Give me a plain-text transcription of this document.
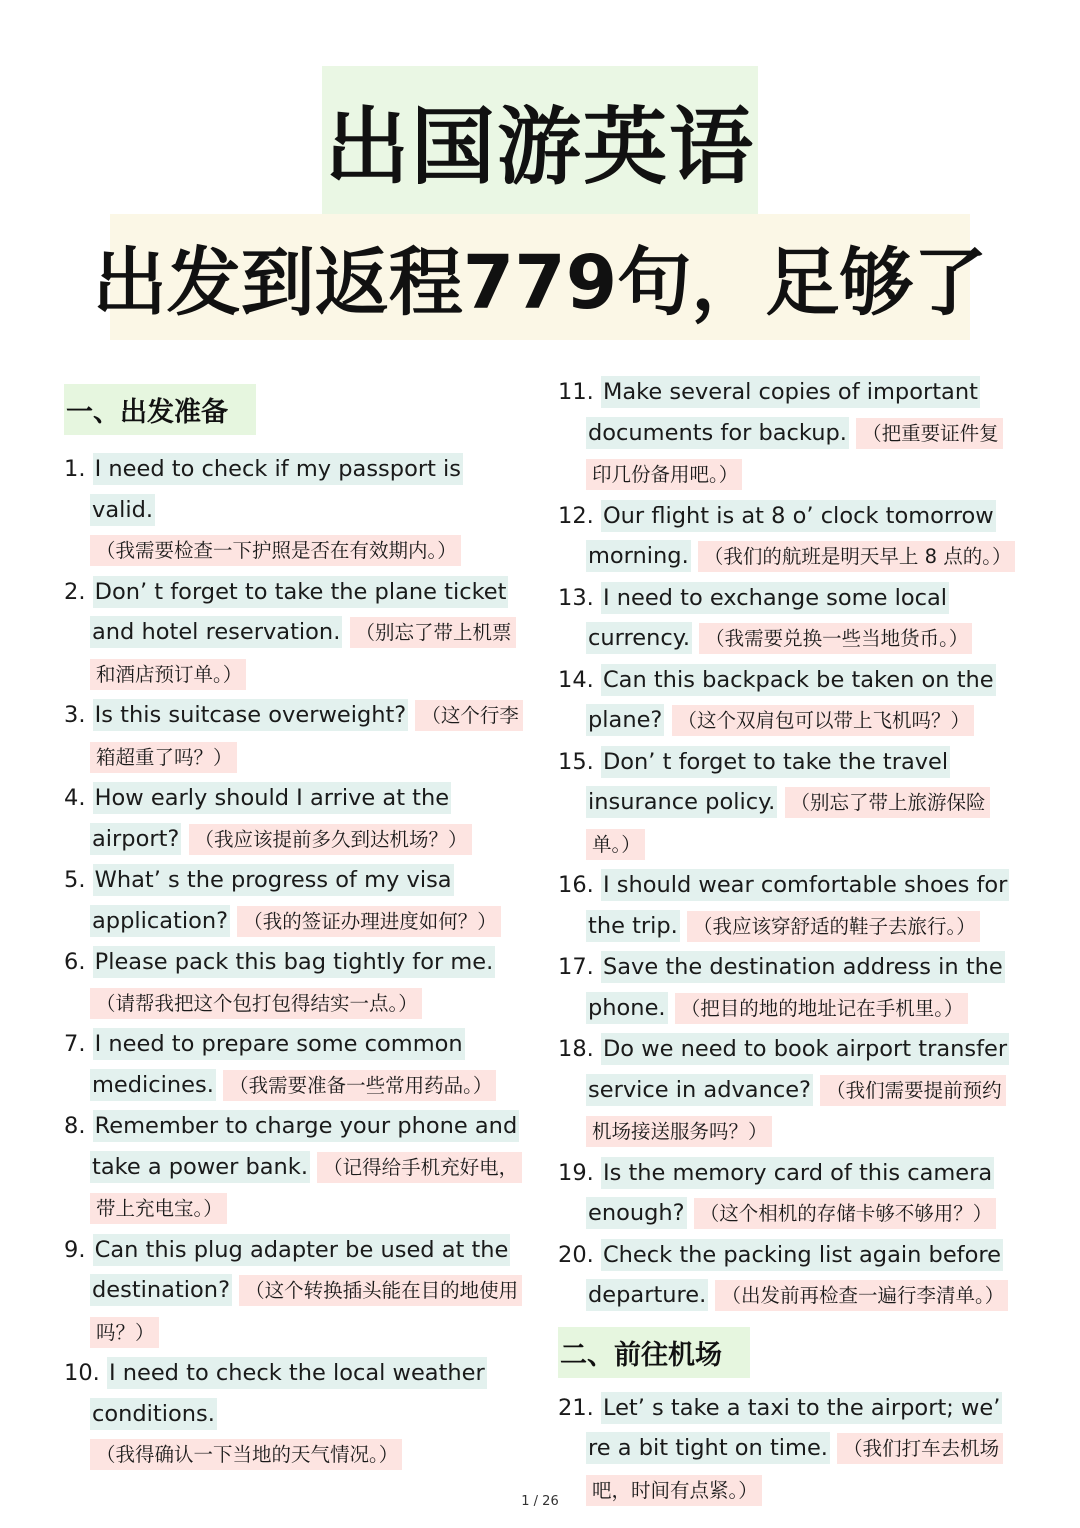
出国游英语
出发到返程779句，足够了
一、出发准备

1. I need to check if my passport is valid. （我需要检查一下护照是否在有效期内。）

2. Don’ t forget to take the plane ticket and hotel reservation. （别忘了带上机票和酒店预订单。）

3. Is this suitcase overweight? （这个行李箱超重了吗？）

4. How early should I arrive at the airport? （我应该提前多久到达机场？）

5. What’ s the progress of my visa application? （我的签证办理进度如何？）

6. Please pack this bag tightly for me. （请帮我把这个包打包得结实一点。）

7. I need to prepare some common medicines. （我需要准备一些常用药品。）

8. Remember to charge your phone and take a power bank. （记得给手机充好电，带上充电宝。）

9. Can this plug adapter be used at the destination? （这个转换插头能在目的地使用吗？）

10. I need to check the local weather conditions. （我得确认一下当地的天气情况。）

11. Make several copies of important documents for backup. （把重要证件复印几份备用吧。）

12. Our flight is at 8 o’ clock tomorrow morning. （我们的航班是明天早上 8 点的。）

13. I need to exchange some local currency. （我需要兑换一些当地货币。）

14. Can this backpack be taken on the plane? （这个双肩包可以带上飞机吗？）

15. Don’ t forget to take the travel insurance policy. （别忘了带上旅游保险单。）

16. I should wear comfortable shoes for the trip. （我应该穿舒适的鞋子去旅行。）

17. Save the destination address in the phone. （把目的地的地址记在手机里。）

18. Do we need to book airport transfer service in advance? （我们需要提前预约机场接送服务吗？）

19. Is the memory card of this camera enough? （这个相机的存储卡够不够用？）

20. Check the packing list again before departure. （出发前再检查一遍行李清单。）

二、前往机场

21. Let’ s take a taxi to the airport; we’ re a bit tight on time. （我们打车去机场吧，时间有点紧。）

1 / 26
